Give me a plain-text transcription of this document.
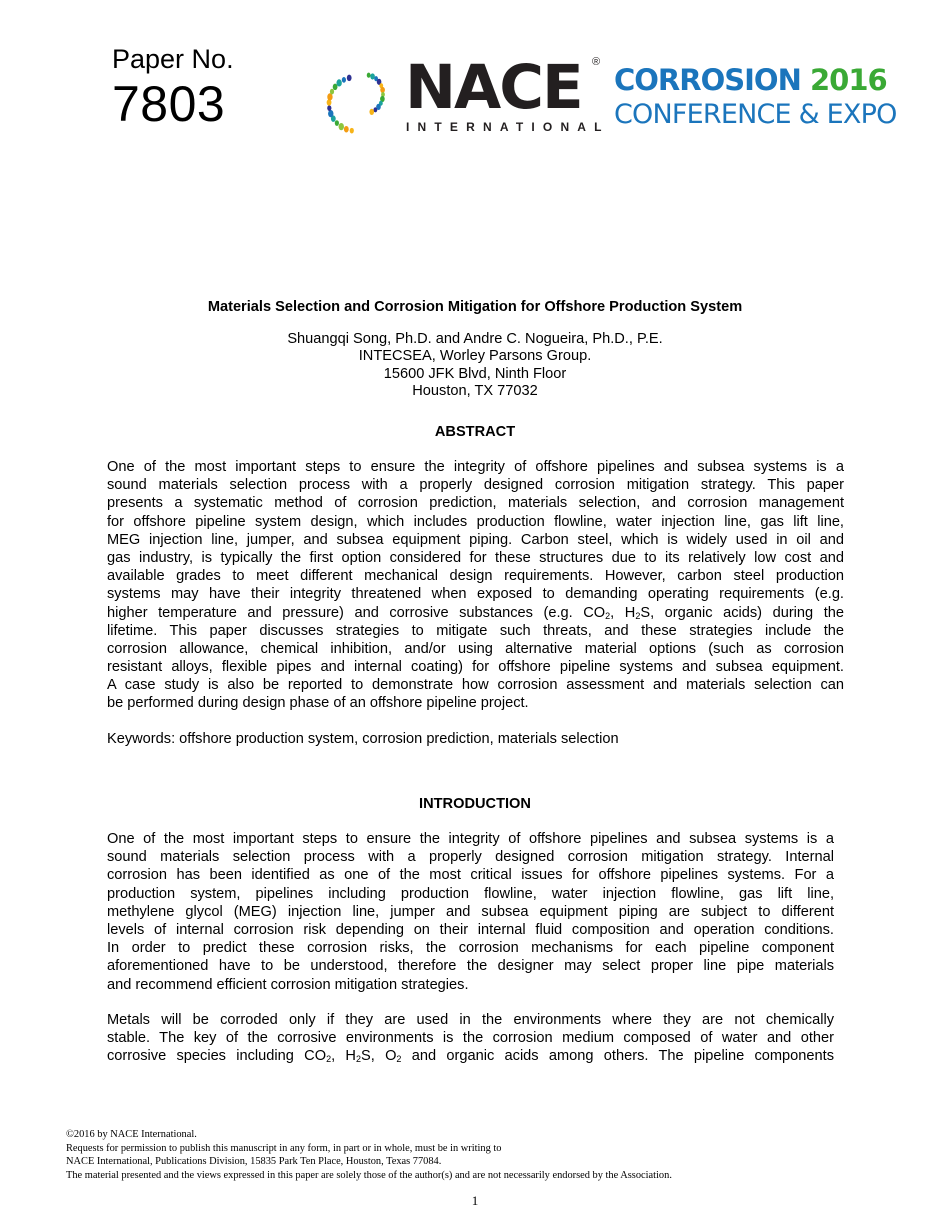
Paper No.
7803	NACE ®
INTERNATIONAL
CORROSION 2016
CONFERENCE & EXPO
Materials Selection and Corrosion Mitigation for Offshore Production System
Shuangqi Song, Ph.D. and Andre C. Nogueira, Ph.D., P.E.
INTECSEA, Worley Parsons Group.
15600 JFK Blvd, Ninth Floor
Houston, TX 77032
ABSTRACT
One of the most important steps to ensure the integrity of offshore pipelines and subsea systems is a
sound materials selection process with a properly designed corrosion mitigation strategy. This paper
presents a systematic method of corrosion prediction, materials selection, and corrosion management
for offshore pipeline system design, which includes production flowline, water injection line, gas lift line,
MEG injection line, jumper, and subsea equipment piping. Carbon steel, which is widely used in oil and
gas industry, is typically the first option considered for these structures due to its relatively low cost and
available grades to meet different mechanical design requirements. However, carbon steel production
systems may have their integrity threatened when exposed to demanding operating requirements (e.g.
higher temperature and pressure) and corrosive substances (e.g. $CO_2$, $H_2S$, organic acids) during the
lifetime. This paper discusses strategies to mitigate such threats, and these strategies include the
corrosion allowance, chemical inhibition, and/or using alternative material options (such as corrosion
resistant alloys, flexible pipes and internal coating) for offshore pipeline systems and subsea equipment.
A case study is also be reported to demonstrate how corrosion assessment and materials selection can
be performed during design phase of an offshore pipeline project.
Keywords: offshore production system, corrosion prediction, materials selection
INTRODUCTION
One of the most important steps to ensure the integrity of offshore pipelines and subsea systems is a
sound materials selection process with a properly designed corrosion mitigation strategy. Internal
corrosion has been identified as one of the most critical issues for offshore pipelines systems. For a
production system, pipelines including production flowline, water injection flowline, gas lift line,
methylene glycol (MEG) injection line, jumper and subsea equipment piping are subject to different
levels of internal corrosion risk depending on their internal fluid composition and operation conditions.
In order to predict these corrosion risks, the corrosion mechanisms for each pipeline component
aforementioned have to be understood, therefore the designer may select proper line pipe materials
and recommend efficient corrosion mitigation strategies.
Metals will be corroded only if they are used in the environments where they are not chemically
stable. The key of the corrosive environments is the corrosion medium composed of water and other
corrosive species including $CO_2$, $H_2S$, $O_2$ and organic acids among others. The pipeline components
©2016 by NACE International.
Requests for permission to publish this manuscript in any form, in part or in whole, must be in writing to
NACE International, Publications Division, 15835 Park Ten Place, Houston, Texas 77084.
The material presented and the views expressed in this paper are solely those of the author(s) and are not necessarily endorsed by the Association.
1
